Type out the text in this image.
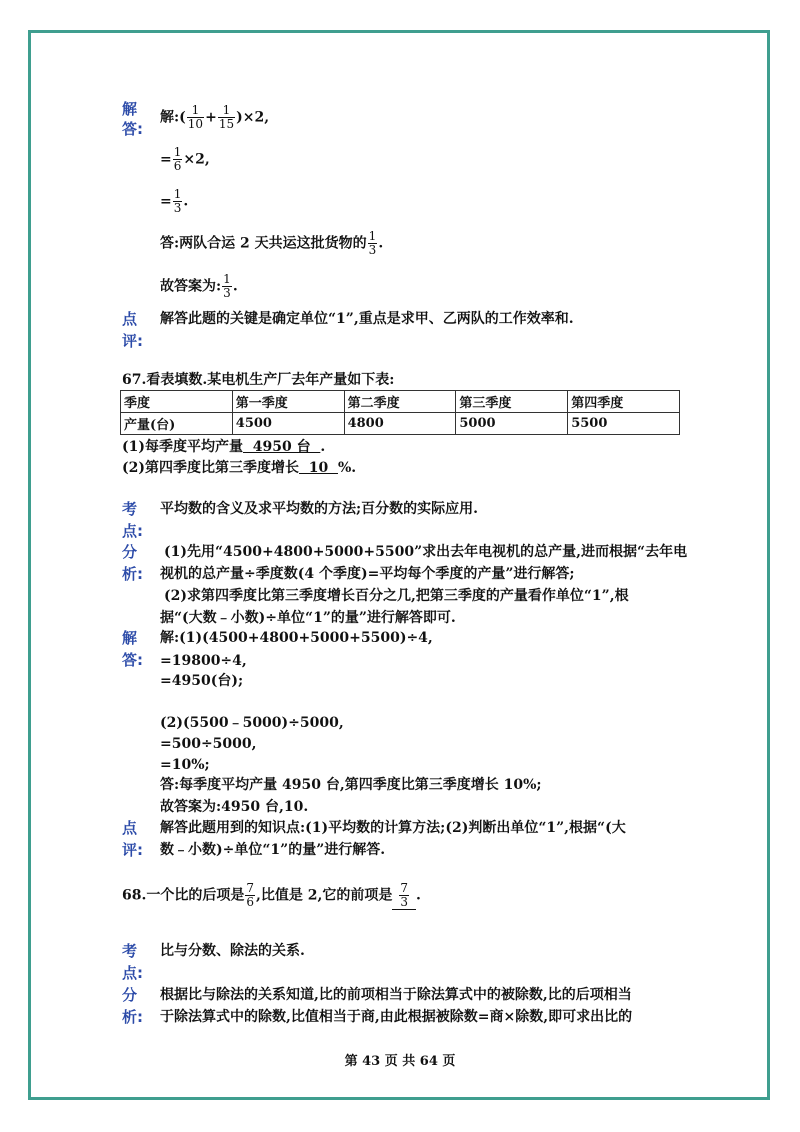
解
答:
解:( $\frac{1}{10} + \frac{1}{15} )\times 2$,
= $\frac{1}{6} \times 2$,
= $\frac{1}{3}$ .
答:两队合运 2 天共运这批货物的 $\frac{1}{3}$ .
故答案为: $\frac{1}{3}$ .
点
评:
解答此题的关键是确定单位“1”,重点是求甲、乙两队的工作效率和.
67.看表填数.某电机生产厂去年产量如下表:
季度	第一季度	第二季度	第三季度	第四季度
产量(台)	4500	4800	5000	5500
(1)每季度平均产量  4950 台  .
(2)第四季度比第三季度增长  10  %.
考
点:
平均数的含义及求平均数的方法;百分数的实际应用.
分
析:
(1)先用“4500+4800+5000+5500”求出去年电视机的总产量,进而根据“去年电
视机的总产量÷季度数(4 个季度)=平均每个季度的产量”进行解答;
(2)求第四季度比第三季度增长百分之几,把第三季度的产量看作单位“1”,根
据“(大数﹣小数)÷单位“1”的量”进行解答即可.
解
答:
解:(1)(4500+4800+5000+5500)÷4,
=19800÷4,
=4950(台);
(2)(5500﹣5000)÷5000,
=500÷5000,
=10%;
答:每季度平均产量 4950 台,第四季度比第三季度增长 10%;
故答案为:4950 台,10.
点
评:
解答此题用到的知识点:(1)平均数的计算方法;(2)判断出单位“1”,根据“(大
数﹣小数)÷单位“1”的量”进行解答.
68.一个比的后项是 $\frac{7}{6}$ ,比值是 2,它的前项是 $\frac{7}{3}$ .
考
点:
比与分数、除法的关系.
分
析:
根据比与除法的关系知道,比的前项相当于除法算式中的被除数,比的后项相当
于除法算式中的除数,比值相当于商,由此根据被除数=商×除数,即可求出比的
第 43 页 共 64 页
